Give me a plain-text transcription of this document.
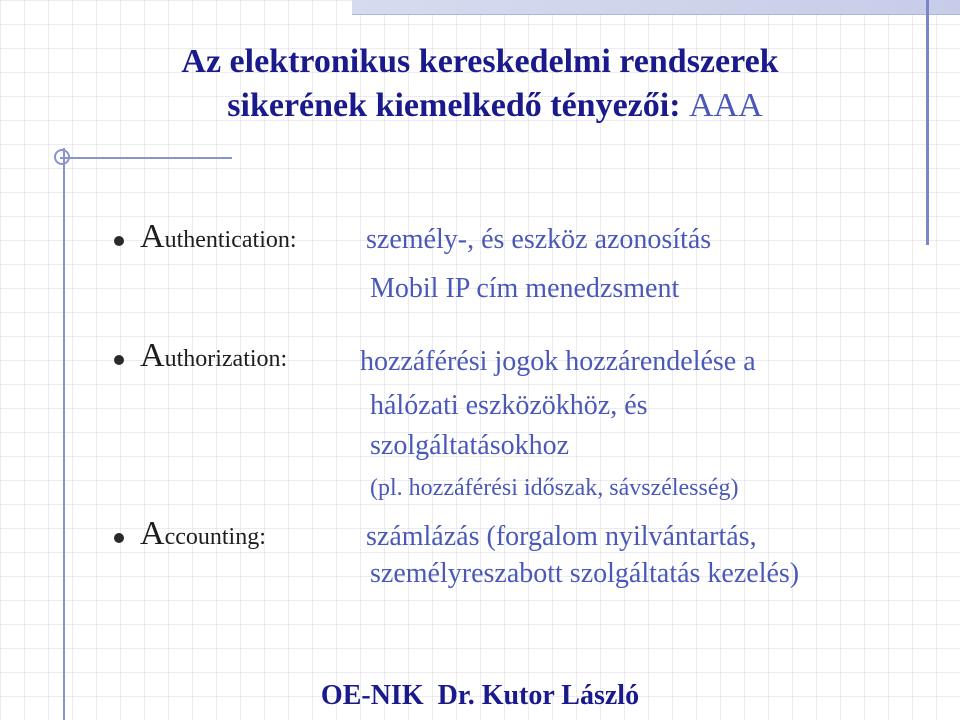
Az elektronikus kereskedelmi rendszerek
sikerének kiemelkedő tényezői: AAA
Authentication: személy-, és eszköz azonosítás
Mobil IP cím menedzsment
Authorization:	hozzáférési jogok hozzárendelése a
hálózati eszközökhöz, és
szolgáltatásokhoz
(pl. hozzáférési időszak, sávszélesség)
Accounting:	számlázás (forgalom nyilvántartás,
személyreszabott szolgáltatás kezelés)
OE-NIK Dr. Kutor László
